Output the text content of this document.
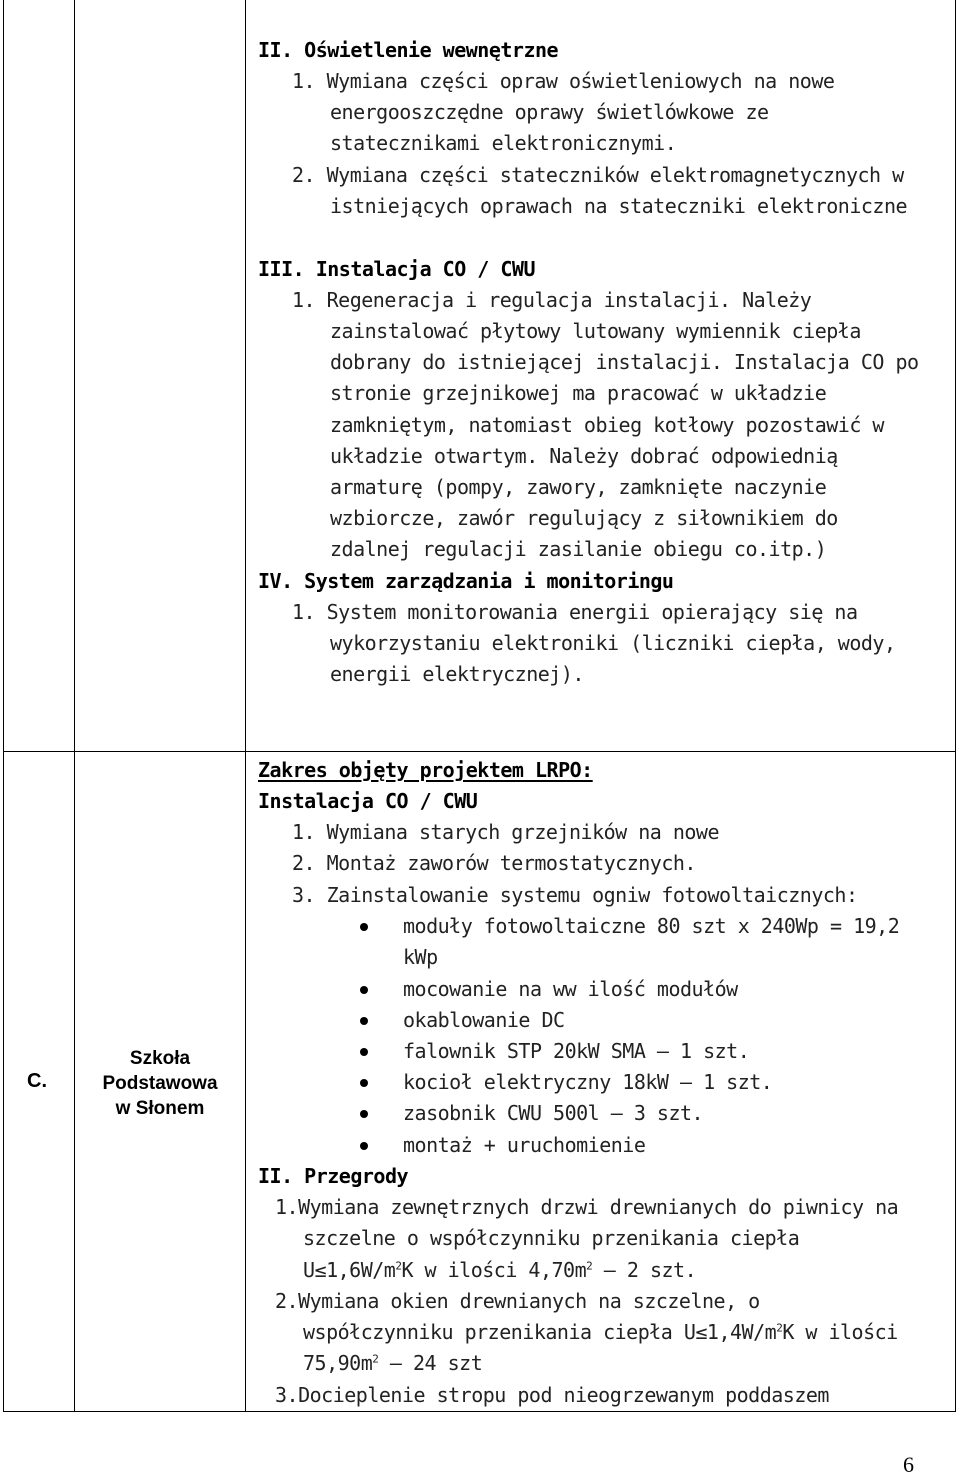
II. Oświetlenie wewnętrzne
1. Wymiana części opraw oświetleniowych na nowe
energooszczędne oprawy świetlówkowe ze
statecznikami elektronicznymi.
2. Wymiana części stateczników elektromagnetycznych w
istniejących oprawach na stateczniki elektroniczne
III. Instalacja CO / CWU
1. Regeneracja i regulacja instalacji. Należy
zainstalować płytowy lutowany wymiennik ciepła
dobrany do istniejącej instalacji. Instalacja CO po
stronie grzejnikowej ma pracować w układzie
zamkniętym, natomiast obieg kotłowy pozostawić w
układzie otwartym. Należy dobrać odpowiednią
armaturę (pompy, zawory, zamknięte naczynie
wzbiorcze, zawór regulujący z siłownikiem do
zdalnej regulacji zasilanie obiegu co.itp.)
IV. System zarządzania i monitoringu
1. System monitorowania energii opierający się na
wykorzystaniu elektroniki (liczniki ciepła, wody,
energii elektrycznej).
C.
Szkoła
Podstawowa
w Słonem
Zakres objęty projektem LRPO:
Instalacja CO / CWU
1. Wymiana starych grzejników na nowe
2. Montaż zaworów termostatycznych.
3. Zainstalowanie systemu ogniw fotowoltaicznych:
moduły fotowoltaiczne 80 szt x 240Wp = 19,2
kWp
mocowanie na ww ilość modułów
okablowanie DC
falownik STP 20kW SMA – 1 szt.
kocioł elektryczny 18kW – 1 szt.
zasobnik CWU 500l – 3 szt.
montaż + uruchomienie
II. Przegrody
1.Wymiana zewnętrznych drzwi drewnianych do piwnicy na
szczelne o współczynniku przenikania ciepła
$U\le 1,6W/m^2K$ w ilości $4,70m^2 - 2$ szt.
2.Wymiana okien drewnianych na szczelne, o
współczynniku przenikania ciepła $U\le 1,4W/m^2K$ w ilości
$75,90m^2 - 24$ szt
3.Docieplenie stropu pod nieogrzewanym poddaszem
6
